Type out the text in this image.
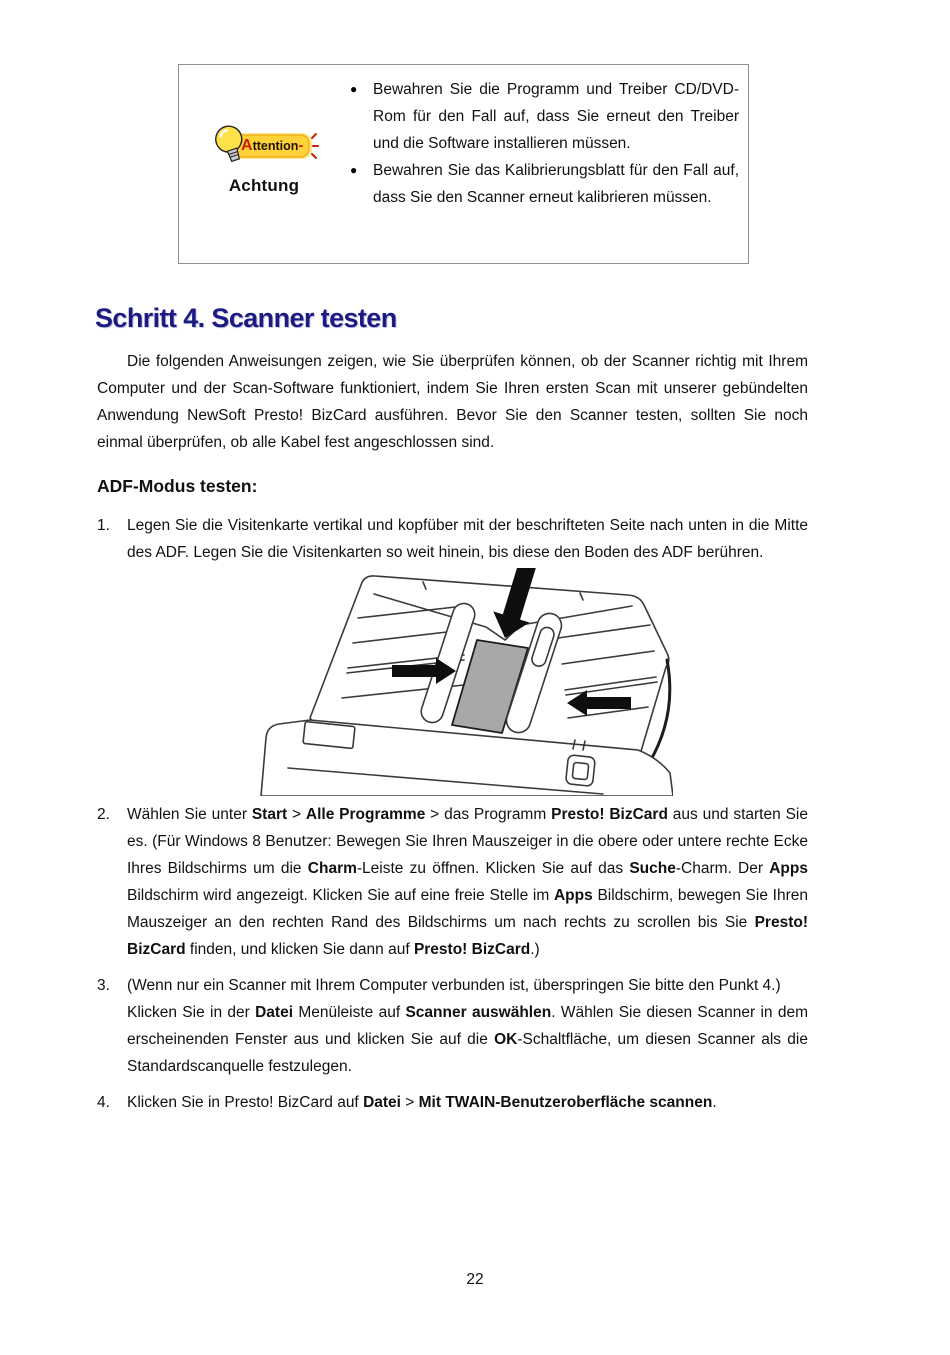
Attention-
Achtung
●	Bewahren Sie die Programm und Treiber CD/DVD-Rom für den Fall auf, dass Sie erneut den Treiber und die Software installieren müssen.
●	Bewahren Sie das Kalibrierungsblatt für den Fall auf, dass Sie den Scanner erneut kalibrieren müssen.
Schritt 4. Scanner testen

Die folgenden Anweisungen zeigen, wie Sie überprüfen können, ob der Scanner richtig mit Ihrem Computer und der Scan-Software funktioniert, indem Sie Ihren ersten Scan mit unserer gebündelten Anwendung NewSoft Presto! BizCard ausführen. Bevor Sie den Scanner testen, sollten Sie noch einmal überprüfen, ob alle Kabel fest angeschlossen sind.

ADF-Modus testen:
1.	Legen Sie die Visitenkarte vertikal und kopfüber mit der beschrifteten Seite nach unten in die Mitte des ADF. Legen Sie die Visitenkarten so weit hinein, bis diese den Boden des ADF berühren.
2.	Wählen Sie unter Start > Alle Programme > das Programm Presto! BizCard aus und starten Sie es. (Für Windows 8 Benutzer: Bewegen Sie Ihren Mauszeiger in die obere oder untere rechte Ecke Ihres Bildschirms um die Charm-Leiste zu öffnen. Klicken Sie auf das Suche-Charm. Der Apps Bildschirm wird angezeigt. Klicken Sie auf eine freie Stelle im Apps Bildschirm, bewegen Sie Ihren Mauszeiger an den rechten Rand des Bildschirms um nach rechts zu scrollen bis Sie Presto! BizCard finden, und klicken Sie dann auf Presto! BizCard.)
3.	(Wenn nur ein Scanner mit Ihrem Computer verbunden ist, überspringen Sie bitte den Punkt 4.)
Klicken Sie in der Datei Menüleiste auf Scanner auswählen. Wählen Sie diesen Scanner in dem erscheinenden Fenster aus und klicken Sie auf die OK-Schaltfläche, um diesen Scanner als die Standardscanquelle festzulegen.
4.	Klicken Sie in Presto! BizCard auf Datei > Mit TWAIN-Benutzeroberfläche scannen.
22
